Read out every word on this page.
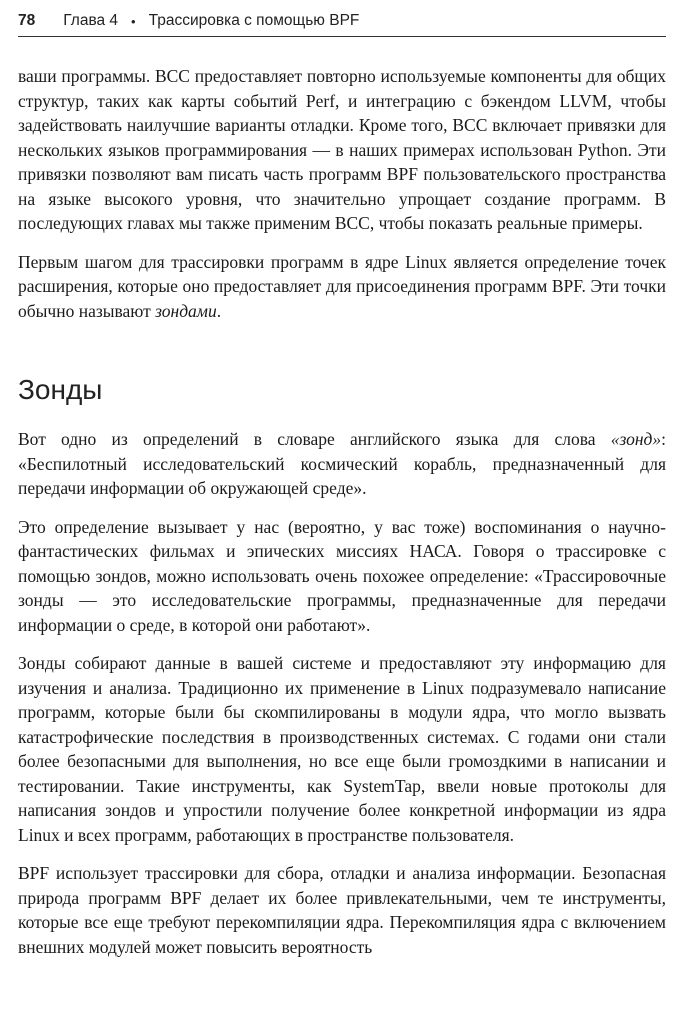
78 Глава 4 • Трассировка с помощью BPF

ваши программы. BCC предоставляет повторно используемые компоненты для общих структур, таких как карты событий Perf, и интеграцию с бэкендом LLVM, чтобы задействовать наилучшие варианты отладки. Кроме того, BCC включает привязки для нескольких языков программирования — в наших примерах использован Python. Эти привязки позволяют вам писать часть программ BPF пользовательского пространства на языке высокого уровня, что значительно упрощает создание программ. В последующих главах мы также применим BCC, чтобы показать реальные примеры.

Первым шагом для трассировки программ в ядре Linux является определение точек расширения, которые оно предоставляет для присоединения программ BPF. Эти точки обычно называют зондами.

Зонды

Вот одно из определений в словаре английского языка для слова «зонд»: «Беспилотный исследовательский космический корабль, предназначенный для передачи информации об окружающей среде».

Это определение вызывает у нас (вероятно, у вас тоже) воспоминания о научно-фантастических фильмах и эпических миссиях НАСА. Говоря о трассировке с помощью зондов, можно использовать очень похожее определение: «Трассировочные зонды — это исследовательские программы, предназначенные для передачи информации о среде, в которой они работают».

Зонды собирают данные в вашей системе и предоставляют эту информацию для изучения и анализа. Традиционно их применение в Linux подразумевало написание программ, которые были бы скомпилированы в модули ядра, что могло вызвать катастрофические последствия в производственных системах. С годами они стали более безопасными для выполнения, но все еще были громоздкими в написании и тестировании. Такие инструменты, как SystemTap, ввели новые протоколы для написания зондов и упростили получение более конкретной информации из ядра Linux и всех программ, работающих в пространстве пользователя.

BPF использует трассировки для сбора, отладки и анализа информации. Безопасная природа программ BPF делает их более привлекательными, чем те инструменты, которые все еще требуют перекомпиляции ядра. Перекомпиляция ядра с включением внешних модулей может повысить вероятность
